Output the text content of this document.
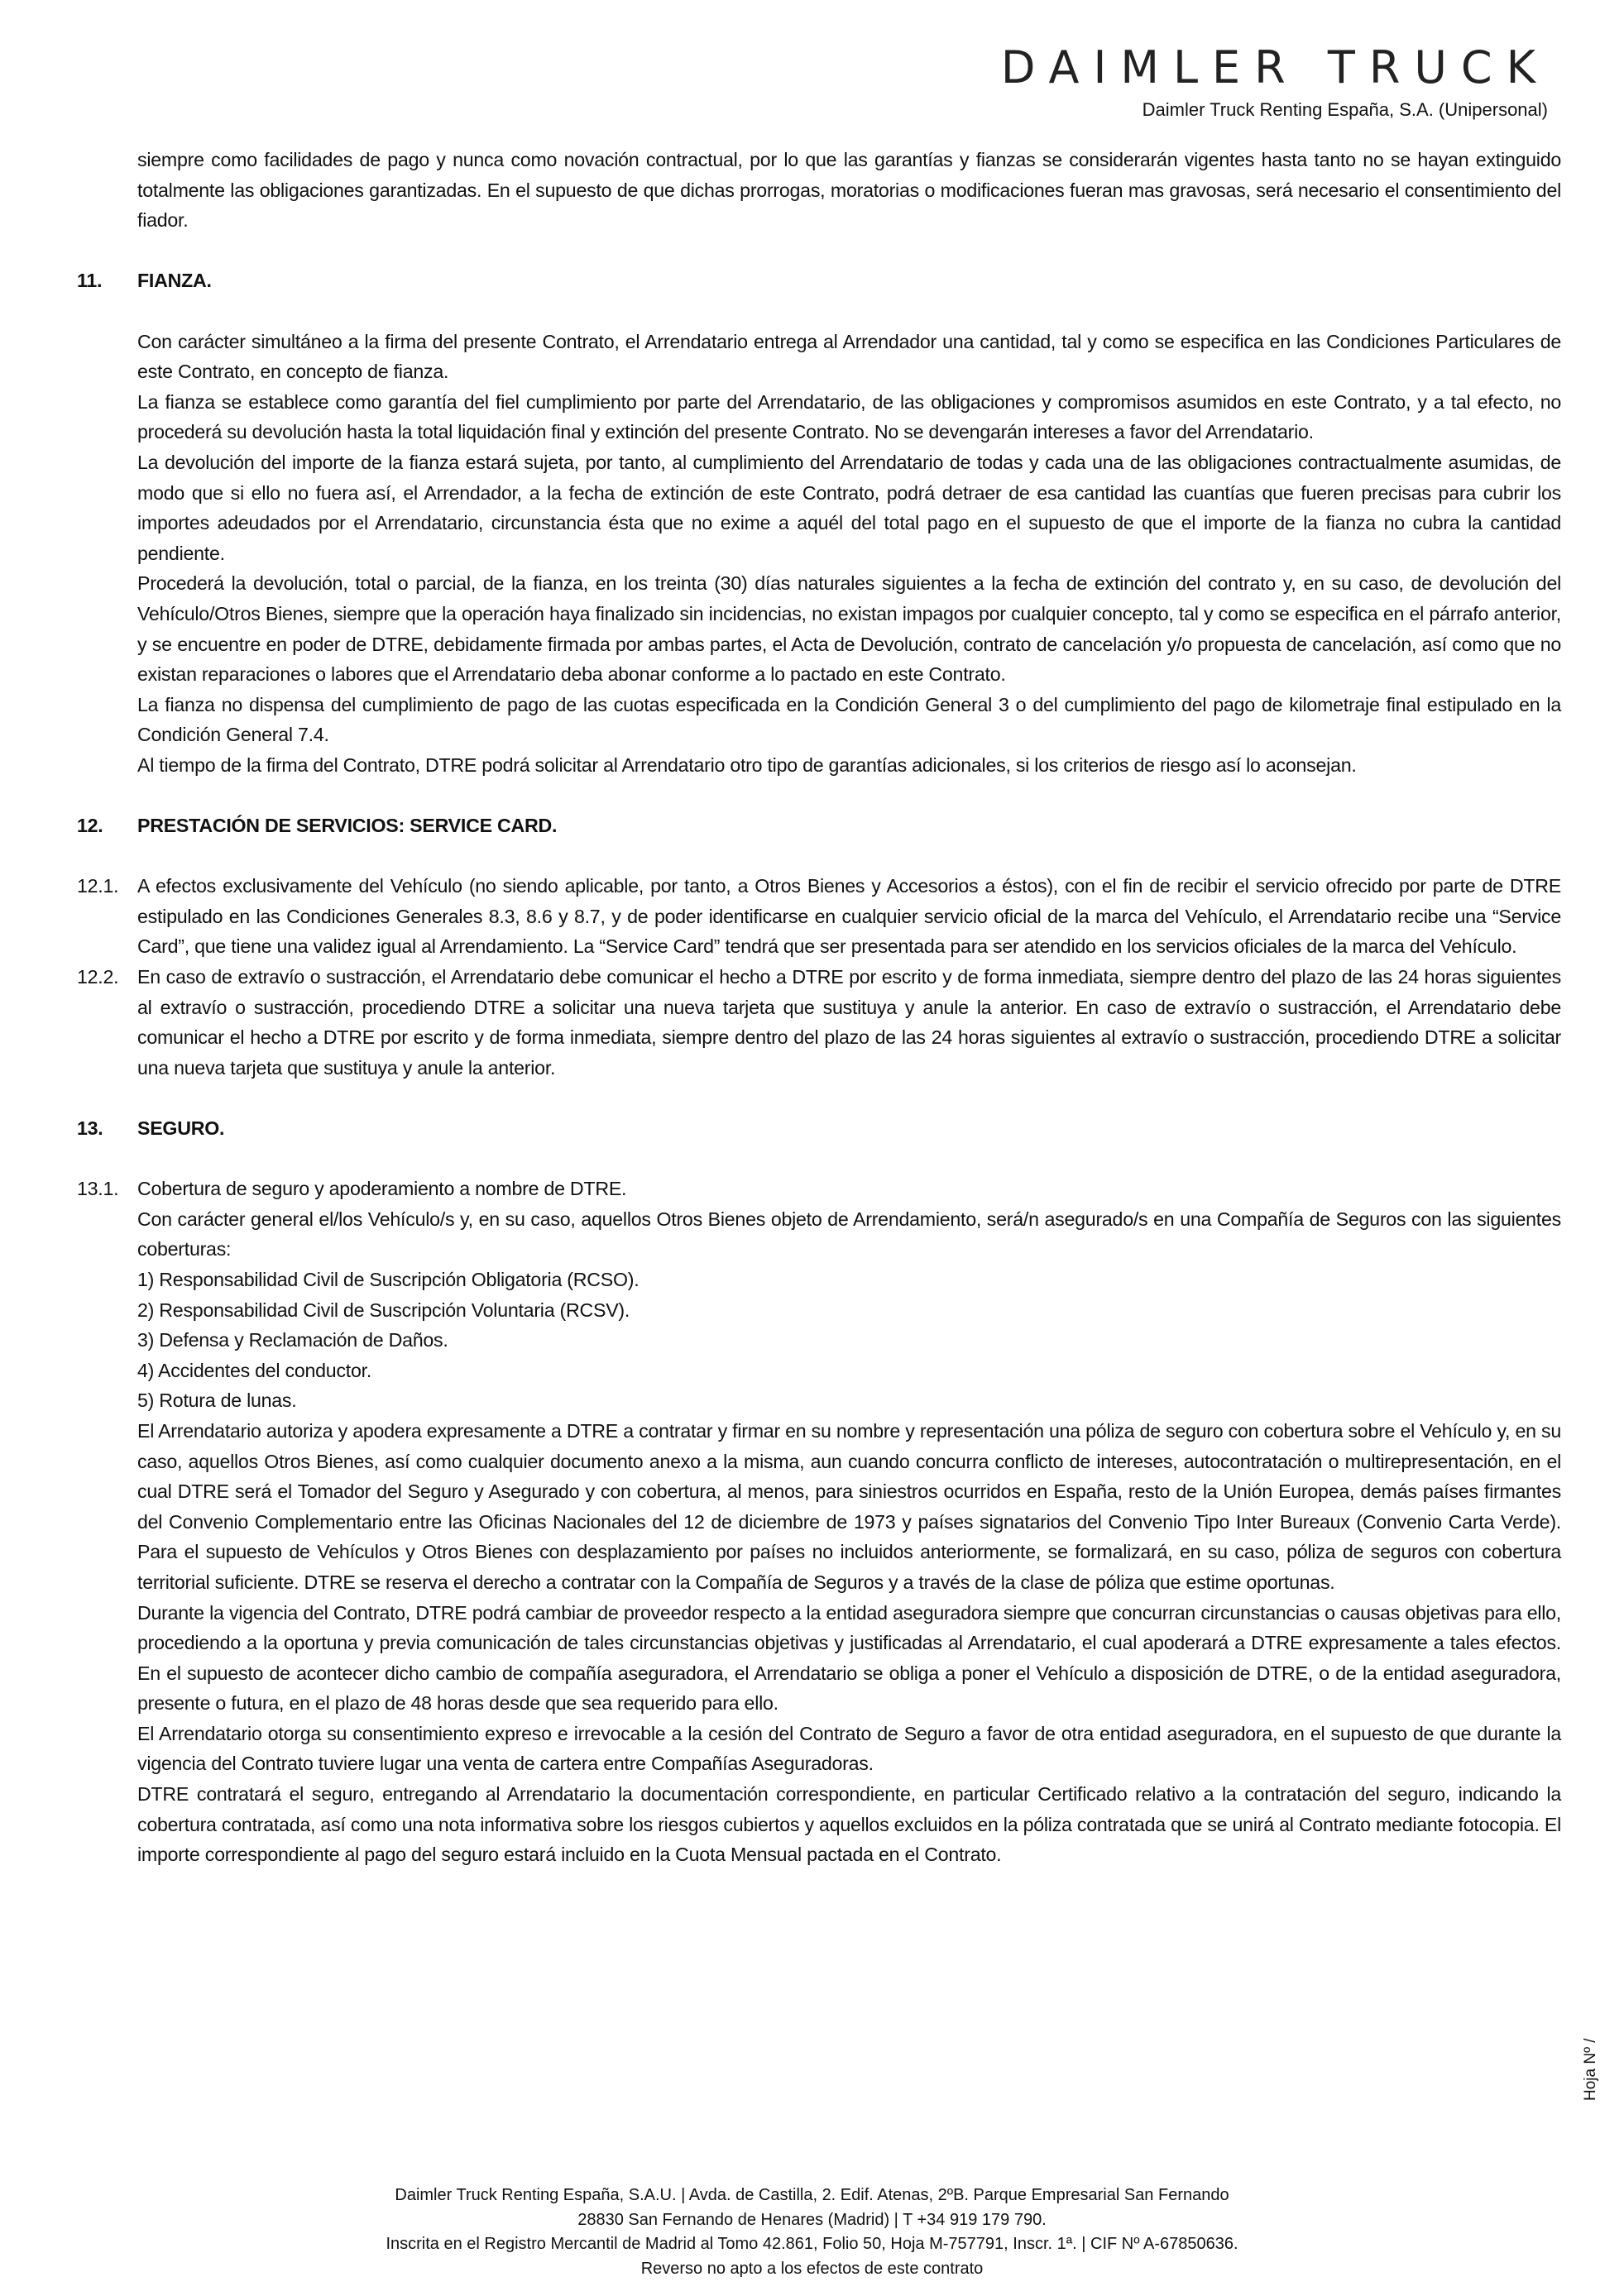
DAIMLER TRUCK
Daimler Truck Renting España, S.A. (Unipersonal)
siempre como facilidades de pago y nunca como novación contractual, por lo que las garantías y fianzas se considerarán vigentes hasta tanto no se hayan extinguido totalmente las obligaciones garantizadas. En el supuesto de que dichas prorrogas, moratorias o modificaciones fueran mas gravosas, será necesario el consentimiento del fiador.
11.	FIANZA.

Con carácter simultáneo a la firma del presente Contrato, el Arrendatario entrega al Arrendador una cantidad, tal y como se especifica en las Condiciones Particulares de este Contrato, en concepto de fianza.

La fianza se establece como garantía del fiel cumplimiento por parte del Arrendatario, de las obligaciones y compromisos asumidos en este Contrato, y a tal efecto, no procederá su devolución hasta la total liquidación final y extinción del presente Contrato. No se devengarán intereses a favor del Arrendatario.

La devolución del importe de la fianza estará sujeta, por tanto, al cumplimiento del Arrendatario de todas y cada una de las obligaciones contractualmente asumidas, de modo que si ello no fuera así, el Arrendador, a la fecha de extinción de este Contrato, podrá detraer de esa cantidad las cuantías que fueren precisas para cubrir los importes adeudados por el Arrendatario, circunstancia ésta que no exime a aquél del total pago en el supuesto de que el importe de la fianza no cubra la cantidad pendiente.

Procederá la devolución, total o parcial, de la fianza, en los treinta (30) días naturales siguientes a la fecha de extinción del contrato y, en su caso, de devolución del Vehículo/Otros Bienes, siempre que la operación haya finalizado sin incidencias, no existan impagos por cualquier concepto, tal y como se especifica en el párrafo anterior, y se encuentre en poder de DTRE, debidamente firmada por ambas partes, el Acta de Devolución, contrato de cancelación y/o propuesta de cancelación, así como que no existan reparaciones o labores que el Arrendatario deba abonar conforme a lo pactado en este Contrato.

La fianza no dispensa del cumplimiento de pago de las cuotas especificada en la Condición General 3 o del cumplimiento del pago de kilometraje final estipulado en la Condición General 7.4.

Al tiempo de la firma del Contrato, DTRE podrá solicitar al Arrendatario otro tipo de garantías adicionales, si los criterios de riesgo así lo aconsejan.

12.	PRESTACIÓN DE SERVICIOS: SERVICE CARD.
12.1. A efectos exclusivamente del Vehículo (no siendo aplicable, por tanto, a Otros Bienes y Accesorios a éstos), con el fin de recibir el servicio ofrecido por parte de DTRE estipulado en las Condiciones Generales 8.3, 8.6 y 8.7, y de poder identificarse en cualquier servicio oficial de la marca del Vehículo, el Arrendatario recibe una “Service Card”, que tiene una validez igual al Arrendamiento. La “Service Card” tendrá que ser presentada para ser atendido en los servicios oficiales de la marca del Vehículo.
12.2. En caso de extravío o sustracción, el Arrendatario debe comunicar el hecho a DTRE por escrito y de forma inmediata, siempre dentro del plazo de las 24 horas siguientes al extravío o sustracción, procediendo DTRE a solicitar una nueva tarjeta que sustituya y anule la anterior. En caso de extravío o sustracción, el Arrendatario debe comunicar el hecho a DTRE por escrito y de forma inmediata, siempre dentro del plazo de las 24 horas siguientes al extravío o sustracción, procediendo DTRE a solicitar una nueva tarjeta que sustituya y anule la anterior.
13.	SEGURO.
13.1. Cobertura de seguro y apoderamiento a nombre de DTRE.

Con carácter general el/los Vehículo/s y, en su caso, aquellos Otros Bienes objeto de Arrendamiento, será/n asegurado/s en una Compañía de Seguros con las siguientes coberturas:

1) Responsabilidad Civil de Suscripción Obligatoria (RCSO).

2) Responsabilidad Civil de Suscripción Voluntaria (RCSV).

3) Defensa y Reclamación de Daños.

4) Accidentes del conductor.

5) Rotura de lunas.

El Arrendatario autoriza y apodera expresamente a DTRE a contratar y firmar en su nombre y representación una póliza de seguro con cobertura sobre el Vehículo y, en su caso, aquellos Otros Bienes, así como cualquier documento anexo a la misma, aun cuando concurra conflicto de intereses, autocontratación o multirepresentación, en el cual DTRE será el Tomador del Seguro y Asegurado y con cobertura, al menos, para siniestros ocurridos en España, resto de la Unión Europea, demás países firmantes del Convenio Complementario entre las Oficinas Nacionales del 12 de diciembre de 1973 y países signatarios del Convenio Tipo Inter Bureaux (Convenio Carta Verde). Para el supuesto de Vehículos y Otros Bienes con desplazamiento por países no incluidos anteriormente, se formalizará, en su caso, póliza de seguros con cobertura territorial suficiente. DTRE se reserva el derecho a contratar con la Compañía de Seguros y a través de la clase de póliza que estime oportunas.

Durante la vigencia del Contrato, DTRE podrá cambiar de proveedor respecto a la entidad aseguradora siempre que concurran circunstancias o causas objetivas para ello, procediendo a la oportuna y previa comunicación de tales circunstancias objetivas y justificadas al Arrendatario, el cual apoderará a DTRE expresamente a tales efectos. En el supuesto de acontecer dicho cambio de compañía aseguradora, el Arrendatario se obliga a poner el Vehículo a disposición de DTRE, o de la entidad aseguradora, presente o futura, en el plazo de 48 horas desde que sea requerido para ello.

El Arrendatario otorga su consentimiento expreso e irrevocable a la cesión del Contrato de Seguro a favor de otra entidad aseguradora, en el supuesto de que durante la vigencia del Contrato tuviere lugar una venta de cartera entre Compañías Aseguradoras.

DTRE contratará el seguro, entregando al Arrendatario la documentación correspondiente, en particular Certificado relativo a la contratación del seguro, indicando la cobertura contratada, así como una nota informativa sobre los riesgos cubiertos y aquellos excluidos en la póliza contratada que se unirá al Contrato mediante fotocopia. El importe correspondiente al pago del seguro estará incluido en la Cuota Mensual pactada en el Contrato.

Hoja Nº /
Daimler Truck Renting España, S.A.U. | Avda. de Castilla, 2. Edif. Atenas, 2ºB. Parque Empresarial San Fernando
28830 San Fernando de Henares (Madrid) | T +34 919 179 790.
Inscrita en el Registro Mercantil de Madrid al Tomo 42.861, Folio 50, Hoja M-757791, Inscr. 1ª. | CIF Nº A-67850636.
Reverso no apto a los efectos de este contrato
